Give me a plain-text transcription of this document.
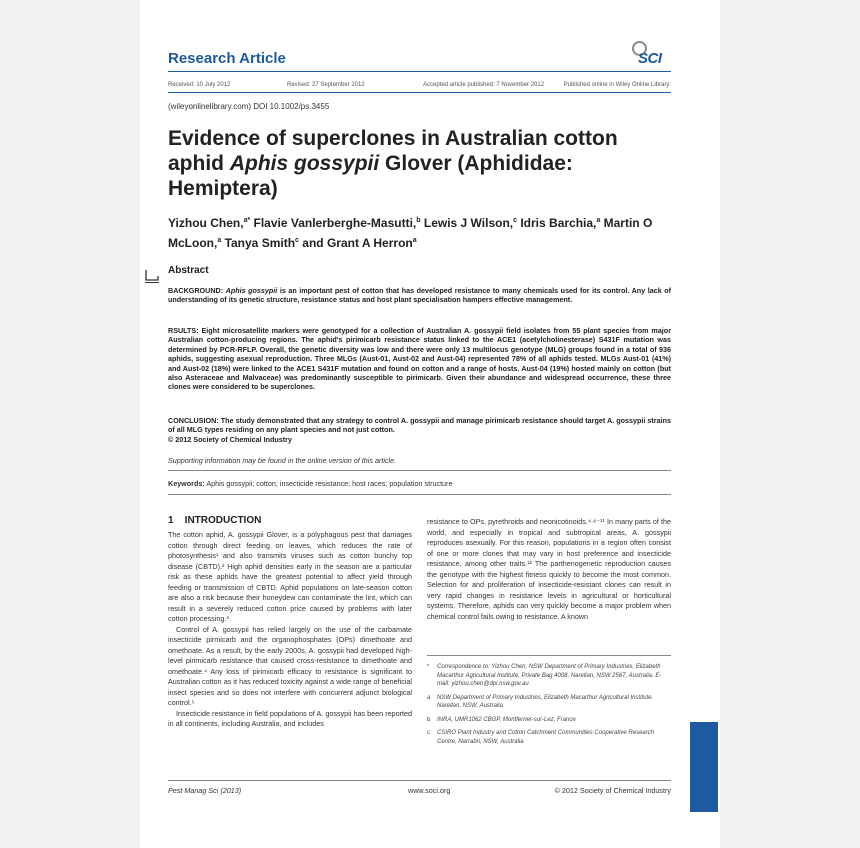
Research Article	SCI
Received: 10 July 2012	Revised: 27 September 2012	Accepted article published: 7 November 2012	Published online in Wiley Online Library:
(wileyonlinelibrary.com) DOI 10.1002/ps.3455
Evidence of superclones in Australian cotton aphid Aphis gossypii Glover (Aphididae: Hemiptera)
Yizhou Chen,$^{a*}$ Flavie Vanlerberghe-Masutti,$^b$ Lewis J Wilson,$^c$ Idris Barchia,$^a$ Martin O McLoon,$^a$ Tanya Smith$^c$ and Grant A Herron$^a$
Abstract
BACKGROUND: Aphis gossypii is an important pest of cotton that has developed resistance to many chemicals used for its control. Any lack of understanding of its genetic structure, resistance status and host plant specialisation hampers effective management.
RSULTS: Eight microsatellite markers were genotyped for a collection of Australian A. gossypii field isolates from 55 plant species from major Australian cotton-producing regions. The aphid's pirimicarb resistance status linked to the ACE1 (acetylcholinesterase) S431F mutation was determined by PCR-RFLP. Overall, the genetic diversity was low and there were only 13 multilocus genotype (MLG) groups found in a total of 936 aphids, suggesting asexual reproduction. Three MLGs (Aust-01, Aust-02 and Aust-04) represented 78% of all aphids tested. MLGs Aust-01 (41%) and Aust-02 (18%) were linked to the ACE1 S431F mutation and found on cotton and a range of hosts. Aust-04 (19%) hosted mainly on cotton (but also Asteraceae and Malvaceae) was predominantly susceptible to pirimicarb. Given their abundance and widespread occurrence, these three clones were considered to be superclones.
CONCLUSION: The study demonstrated that any strategy to control A. gossypii and manage pirimicarb resistance should target A. gossypii strains of all MLG types residing on any plant species and not just cotton.
© 2012 Society of Chemical Industry
Supporting information may be found in the online version of this article.
Keywords: Aphis gossypii; cotton; insecticide resistance; host races; population structure
1    INTRODUCTION

The cotton aphid, A. gossypii Glover, is a polyphagous pest that damages cotton through direct feeding on leaves, which reduces the rate of photosynthesis¹ and also transmits viruses such as cotton bunchy top disease (CBTD).² High aphid densities early in the season are a particular risk as these aphids have the greatest potential to affect yield through feeding or transmission of CBTD. Aphid populations on late-season cotton are also a risk because their honeydew can contaminate the lint, which can result in a severely reduced cotton price caused by problems with later cotton processing.³

Control of A. gossypii has relied largely on the use of the carbamate insecticide pirmicarb and the organophosphates (OPs) dimethoate and omethoate. As a result, by the early 2000s, A. gossypii had developed high-level pirimicarb resistance that caused cross-resistance to dimethoate and omethoate.⁴ Any loss of pirimicarb efficacy to resistance is significant to Australian cotton as it has reduced toxicity against a wide range of beneficial insect species and so does not interfere with concurrent adjunct biological control.⁵

Insecticide resistance in field populations of A. gossypii has been reported in all continents, including Australia, and includes

resistance to OPs, pyrethroids and neonicotinoids.⁴·⁶⁻¹¹ In many parts of the world, and especially in tropical and subtropical areas, A. gossypii reproduces asexually. For this reason, populations in a region often consist of one or more clones that may vary in host preference and insecticide resistance, among other traits.¹² The parthenogenetic reproduction causes the genotype with the highest fitness quickly to become the most common. Selection for and proliferation of insecticide-resistant clones can result in very rapid changes in resistance levels in agricultural or horticultural systems. Therefore, aphids can very quickly become a major problem when chemical control fails owing to resistance. A known

* Correspondence to: Yizhou Chen, NSW Department of Primary Industries, Elizabeth Macarthur Agricultural Institute, Private Bag 4008, Narellan, NSW 2567, Australia. E-mail: yizhou.chen@dpi.nsw.gov.au
a NSW Department of Primary Industries, Elizabeth Macarthur Agricultural Institute, Narellan, NSW, Australia
b INRA, UMR1062 CBGP, Montferrier-sur-Lez, France
c CSIRO Plant Industry and Cotton Catchment Communities Cooperative Research Centre, Narrabri, NSW, Australia
Pest Manag Sci (2013)	www.soci.org	© 2012 Society of Chemical Industry
